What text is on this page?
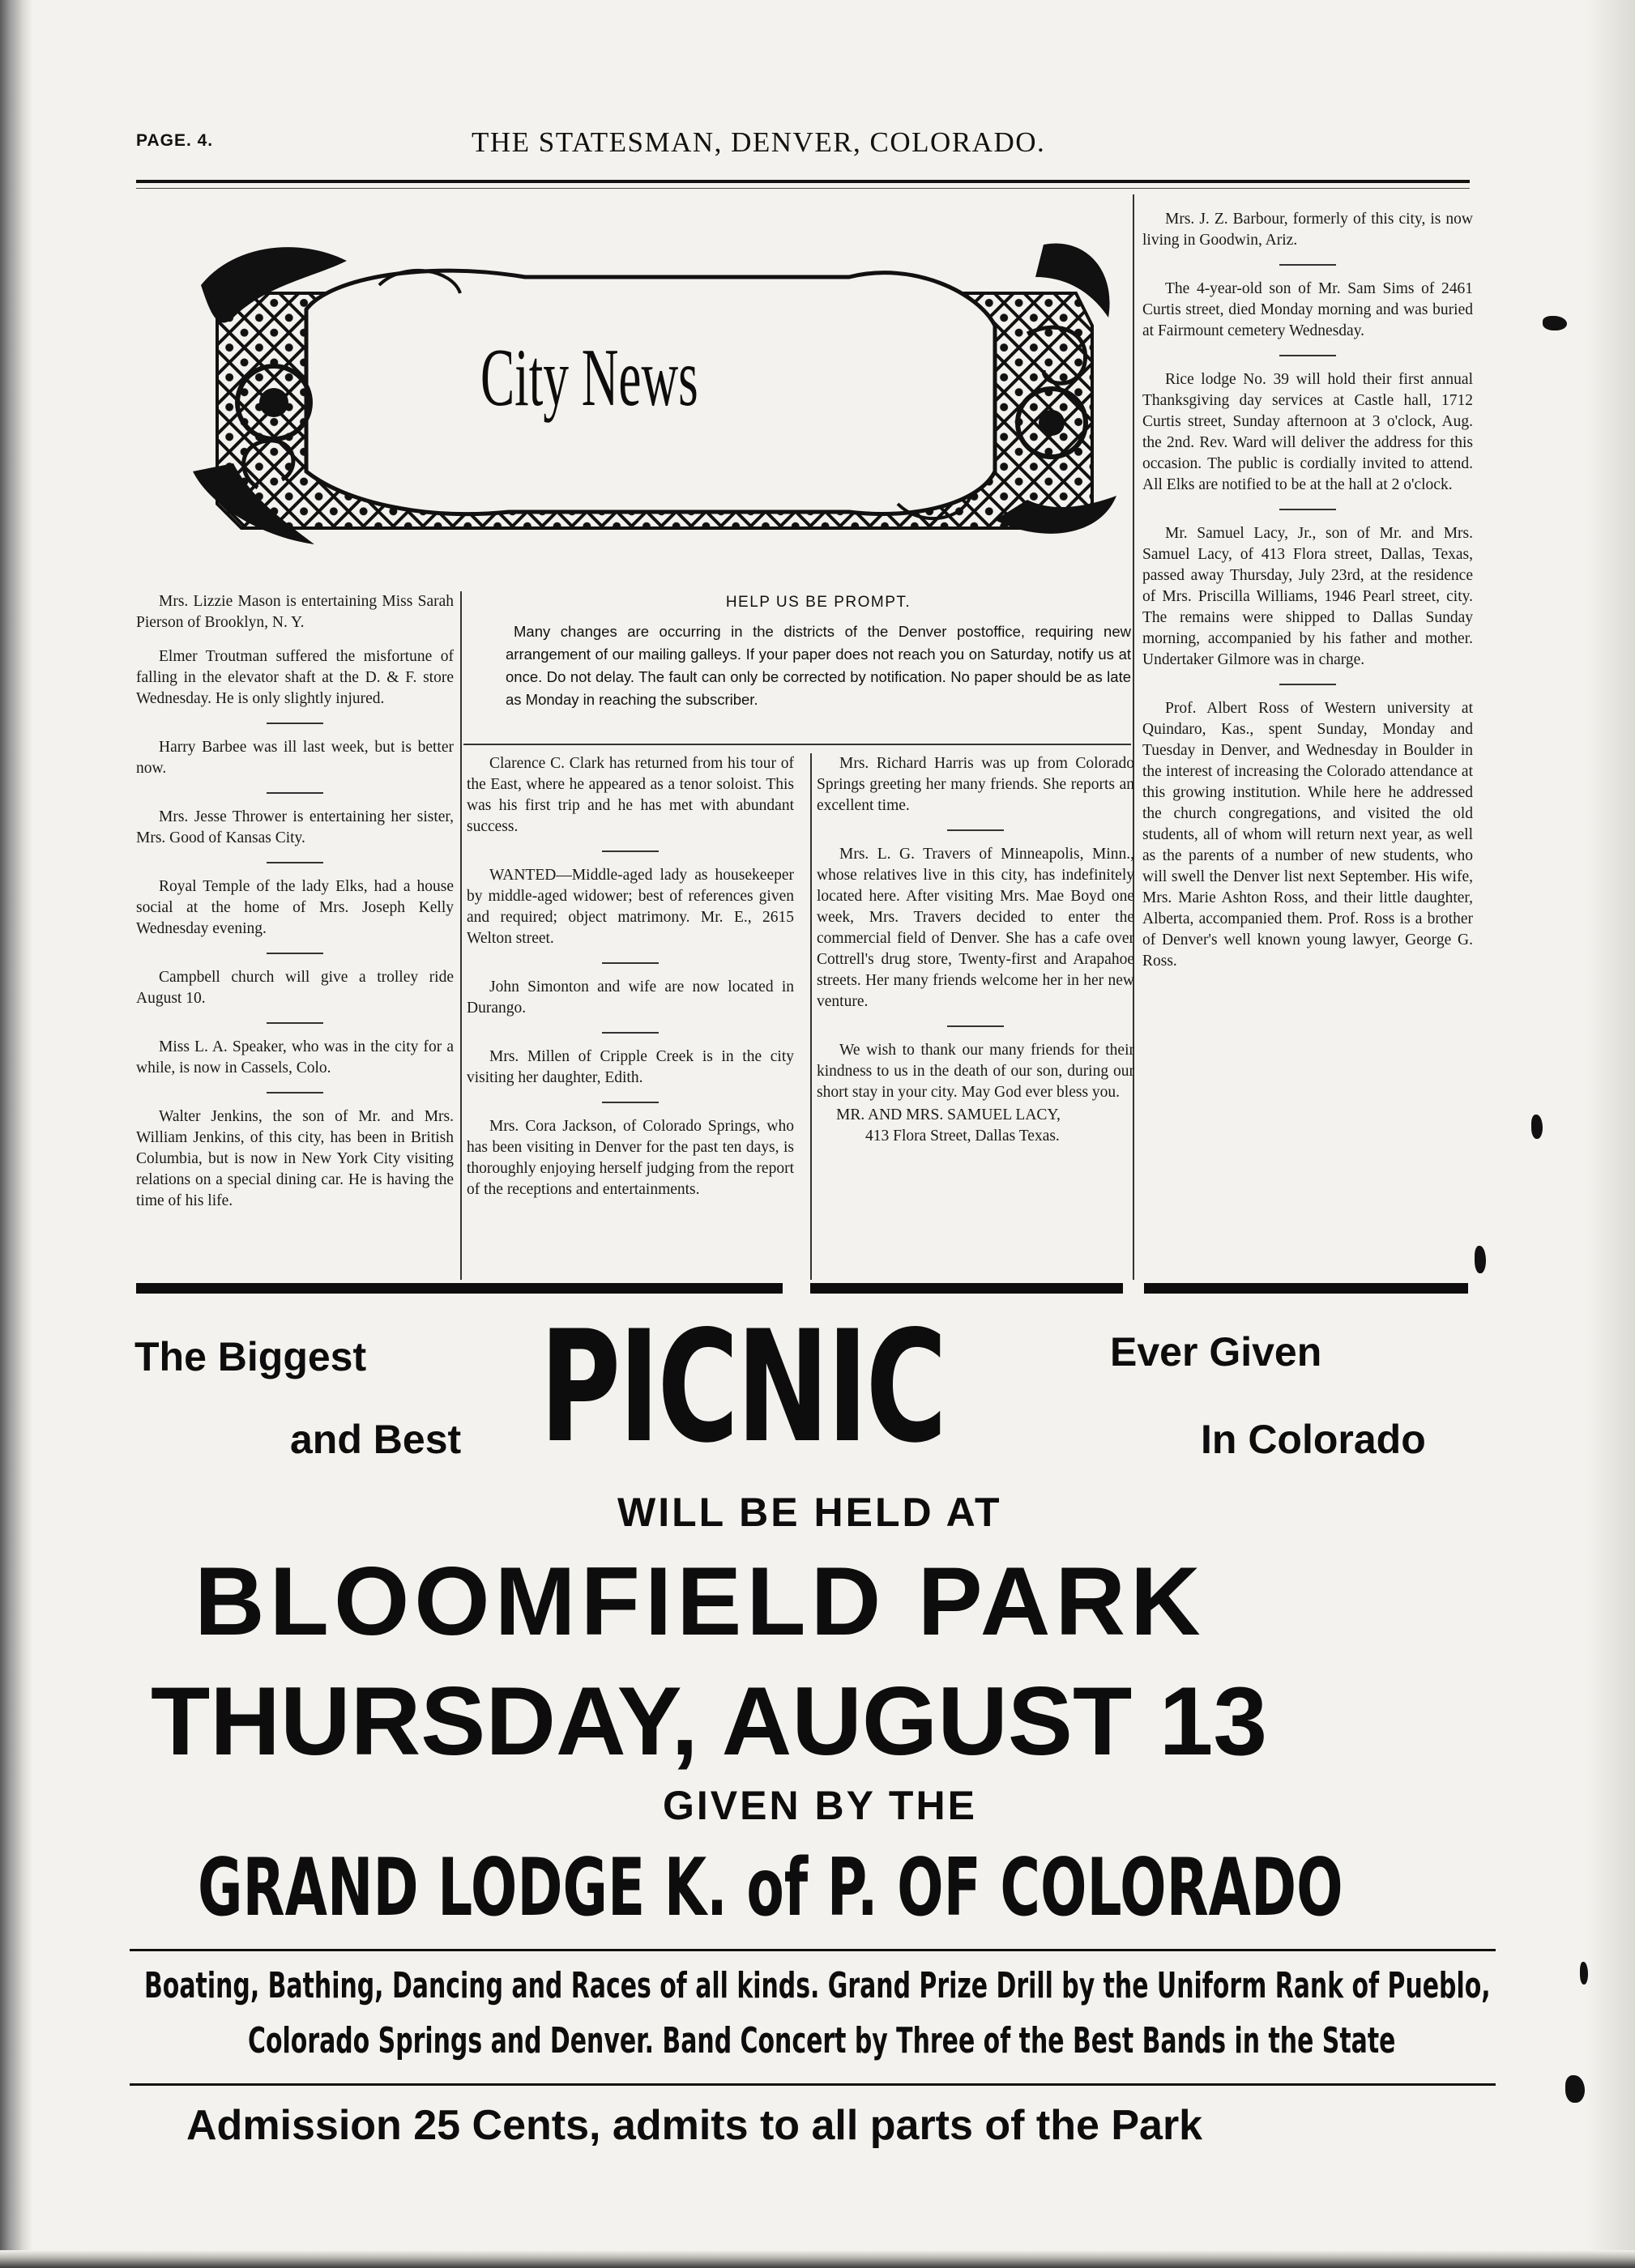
PAGE. 4.	THE STATESMAN, DENVER, COLORADO.
City News
HELP US BE PROMPT.
Many changes are occurring in the districts of the Denver postoffice, requiring new arrangement of our mailing galleys. If your paper does not reach you on Saturday, notify us at once. Do not delay. The fault can only be corrected by notification. No paper should be as late as Monday in reaching the subscriber.

Mrs. Lizzie Mason is entertaining Miss Sarah Pierson of Brooklyn, N. Y.

Elmer Troutman suffered the misfortune of falling in the elevator shaft at the D. & F. store Wednesday. He is only slightly injured.

Harry Barbee was ill last week, but is better now.

Mrs. Jesse Thrower is entertaining her sister, Mrs. Good of Kansas City.

Royal Temple of the lady Elks, had a house social at the home of Mrs. Joseph Kelly Wednesday evening.

Campbell church will give a trolley ride August 10.

Miss L. A. Speaker, who was in the city for a while, is now in Cassels, Colo.

Walter Jenkins, the son of Mr. and Mrs. William Jenkins, of this city, has been in British Columbia, but is now in New York City visiting relations on a special dining car. He is having the time of his life.

Clarence C. Clark has returned from his tour of the East, where he appeared as a tenor soloist. This was his first trip and he has met with abundant success.

WANTED—Middle-aged lady as housekeeper by middle-aged widower; best of references given and required; object matrimony. Mr. E., 2615 Welton street.

John Simonton and wife are now located in Durango.

Mrs. Millen of Cripple Creek is in the city visiting her daughter, Edith.

Mrs. Cora Jackson, of Colorado Springs, who has been visiting in Denver for the past ten days, is thoroughly enjoying herself judging from the report of the receptions and entertainments.

Mrs. Richard Harris was up from Colorado Springs greeting her many friends. She reports an excellent time.

Mrs. L. G. Travers of Minneapolis, Minn., whose relatives live in this city, has indefinitely located here. After visiting Mrs. Mae Boyd one week, Mrs. Travers decided to enter the commercial field of Denver. She has a cafe over Cottrell's drug store, Twenty-first and Arapahoe streets. Her many friends welcome her in her new venture.

We wish to thank our many friends for their kindness to us in the death of our son, during our short stay in your city. May God ever bless you.

MR. AND MRS. SAMUEL LACY,

413 Flora Street, Dallas Texas.

Mrs. J. Z. Barbour, formerly of this city, is now living in Goodwin, Ariz.

The 4-year-old son of Mr. Sam Sims of 2461 Curtis street, died Monday morning and was buried at Fairmount cemetery Wednesday.

Rice lodge No. 39 will hold their first annual Thanksgiving day services at Castle hall, 1712 Curtis street, Sunday afternoon at 3 o'clock, Aug. the 2nd. Rev. Ward will deliver the address for this occasion. The public is cordially invited to attend. All Elks are notified to be at the hall at 2 o'clock.

Mr. Samuel Lacy, Jr., son of Mr. and Mrs. Samuel Lacy, of 413 Flora street, Dallas, Texas, passed away Thursday, July 23rd, at the residence of Mrs. Priscilla Williams, 1946 Pearl street, city. The remains were shipped to Dallas Sunday morning, accompanied by his father and mother. Undertaker Gilmore was in charge.

Prof. Albert Ross of Western university at Quindaro, Kas., spent Sunday, Monday and Tuesday in Denver, and Wednesday in Boulder in the interest of increasing the Colorado attendance at this growing institution. While here he addressed the church congregations, and visited the old students, all of whom will return next year, as well as the parents of a number of new students, who will swell the Denver list next September. His wife, Mrs. Marie Ashton Ross, and their little daughter, Alberta, accompanied them. Prof. Ross is a brother of Denver's well known young lawyer, George G. Ross.

The Biggest
and Best PICNIC	Ever Given
In Colorado
WILL BE HELD AT
BLOOMFIELD PARK
THURSDAY, AUGUST 13
GIVEN BY THE
GRAND LODGE K. of P. OF COLORADO
Boating, Bathing, Dancing and Races of all kinds. Grand Prize Drill by the Uniform Rank of Pueblo,
Colorado Springs and Denver. Band Concert by Three of the Best Bands in the State
Admission 25 Cents, admits to all parts of the Park
